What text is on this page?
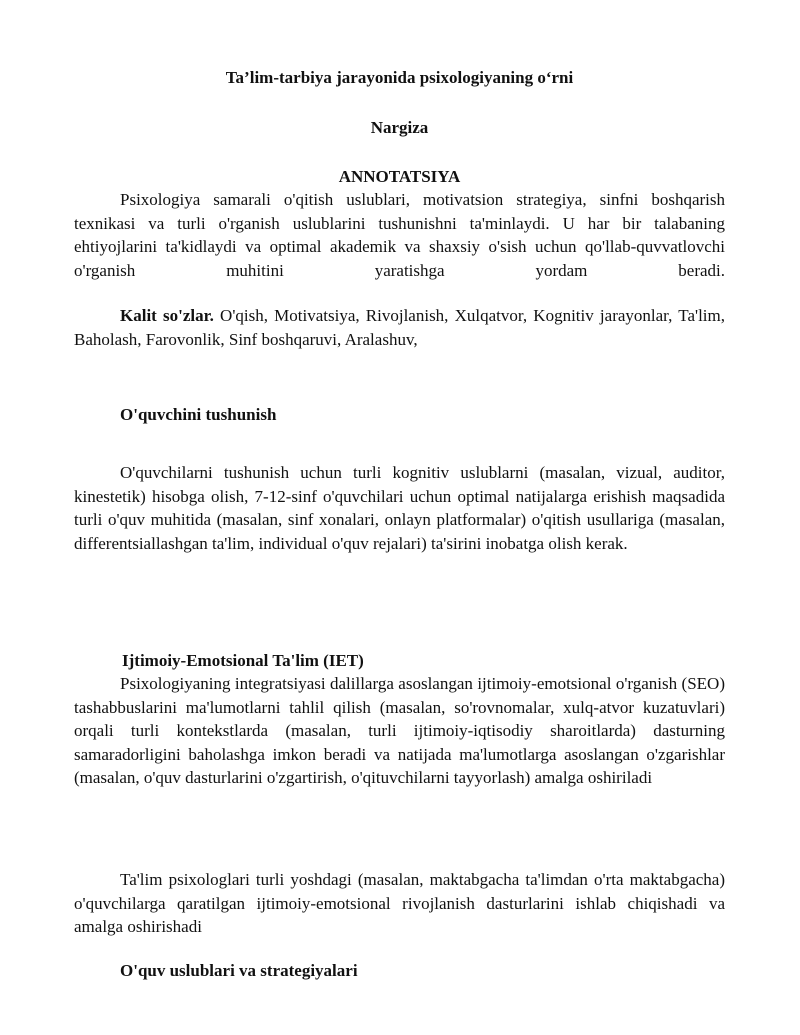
Ta’lim-tarbiya jarayonida psixologiyaning o‘rni
Nargiza
ANNOTATSIYA

Psixologiya samarali o'qitish uslublari, motivatsion strategiya, sinfni boshqarish texnikasi va turli o'rganish uslublarini tushunishni ta'minlaydi. U har bir talabaning ehtiyojlarini ta'kidlaydi va optimal akademik va shaxsiy o'sish uchun qo'llab-quvvatlovchi o'rganish muhitini yaratishga yordam beradi.

Kalit so'zlar. O'qish, Motivatsiya, Rivojlanish, Xulqatvor, Kognitiv jarayonlar, Ta'lim, Baholash, Farovonlik, Sinf boshqaruvi, Aralashuv,

O'quvchini tushunish

O'quvchilarni tushunish uchun turli kognitiv uslublarni (masalan, vizual, auditor, kinestetik) hisobga olish, 7-12-sinf o'quvchilari uchun optimal natijalarga erishish maqsadida turli o'quv muhitida (masalan, sinf xonalari, onlayn platformalar) o'qitish usullariga (masalan, differentsiallashgan ta'lim, individual o'quv rejalari) ta'sirini inobatga olish kerak.

Ijtimoiy-Emotsional Ta'lim (IET)

Psixologiyaning integratsiyasi dalillarga asoslangan ijtimoiy-emotsional o'rganish (SEO) tashabbuslarini ma'lumotlarni tahlil qilish (masalan, so'rovnomalar, xulq-atvor kuzatuvlari) orqali turli kontekstlarda (masalan, turli ijtimoiy-iqtisodiy sharoitlarda) dasturning samaradorligini baholashga imkon beradi va natijada ma'lumotlarga asoslangan o'zgarishlar (masalan, o'quv dasturlarini o'zgartirish, o'qituvchilarni tayyorlash) amalga oshiriladi

Ta'lim psixologlari turli yoshdagi (masalan, maktabgacha ta'limdan o'rta maktabgacha) o'quvchilarga qaratilgan ijtimoiy-emotsional rivojlanish dasturlarini ishlab chiqishadi va amalga oshirishadi

O'quv uslublari va strategiyalari
